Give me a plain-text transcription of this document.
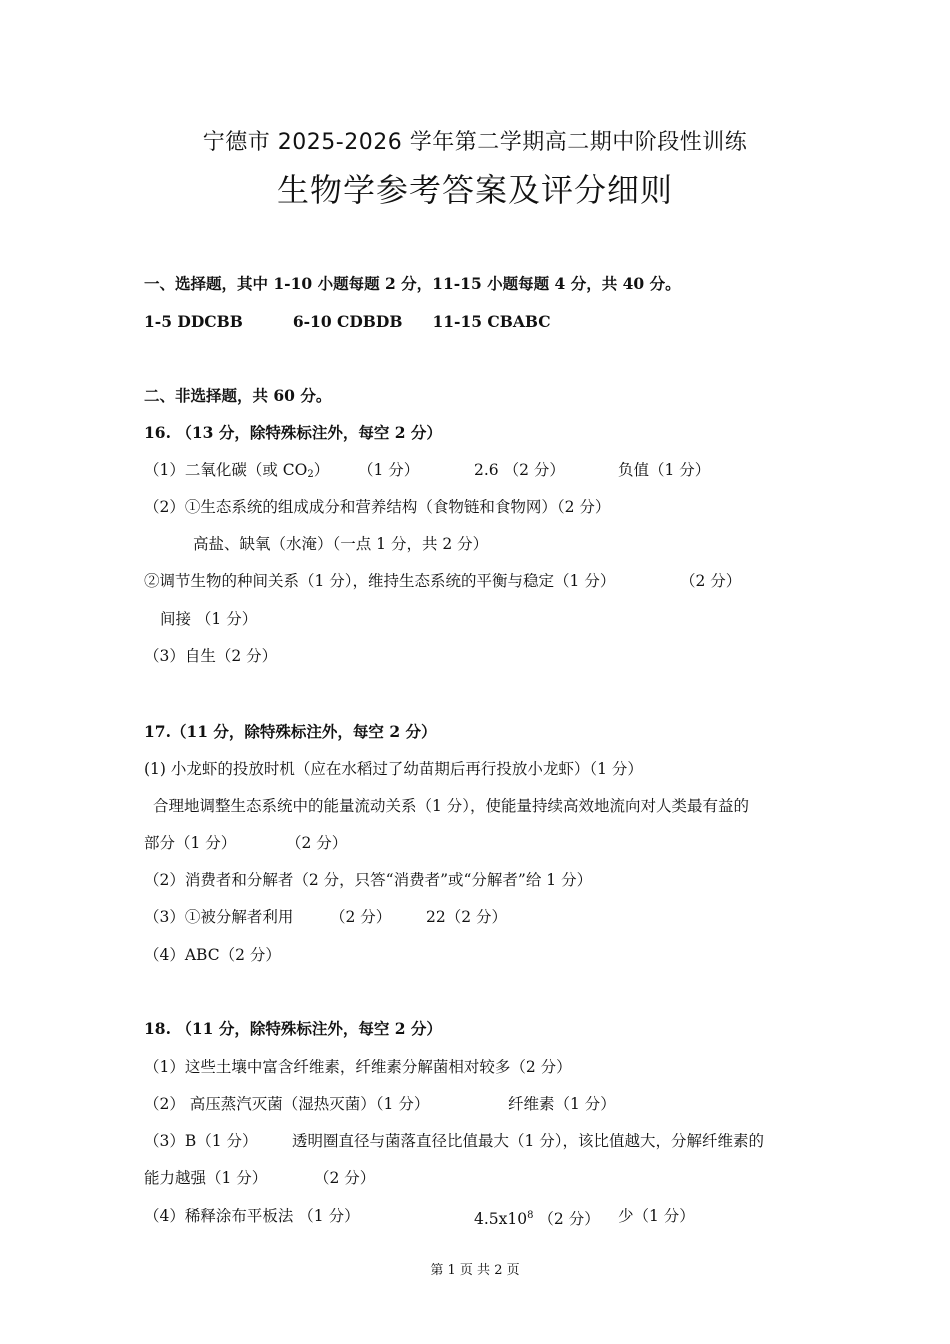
宁德市 2025-2026 学年第二学期高二期中阶段性训练
生物学参考答案及评分细则
一、选择题，其中 1-10 小题每题 2 分，11-15 小题每题 4 分，共 40 分。
1-5 DDCBB	6-10 CDBDB 11-15 CBABC
二、非选择题，共 60 分。
16. （13 分，除特殊标注外，每空 2 分）
（1）二氧化碳（或 $CO_2$） （1 分）	2.6 （2 分）	负值（1 分）
（2）①生态系统的组成成分和营养结构（食物链和食物网）（2 分）
高盐、缺氧（水淹）（一点 1 分，共 2 分）
②调节生物的种间关系（1 分），维持生态系统的平衡与稳定（1 分）	（2 分）
间接 （1 分）
（3）自生（2 分）
17.（11 分，除特殊标注外，每空 2 分）
(1) 小龙虾的投放时机（应在水稻过了幼苗期后再行投放小龙虾）（1 分）
合理地调整生态系统中的能量流动关系（1 分），使能量持续高效地流向对人类最有益的
部分（1 分）	（2 分）
（2）消费者和分解者（2 分，只答“消费者”或“分解者”给 1 分）
（3）①被分解者利用 （2 分） 22（2 分）
（4）ABC（2 分）
18. （11 分，除特殊标注外，每空 2 分）
（1）这些土壤中富含纤维素，纤维素分解菌相对较多（2 分）
（2） 高压蒸汽灭菌（湿热灭菌）（1 分）	纤维素（1 分）
（3）B（1 分） 透明圈直径与菌落直径比值最大（1 分），该比值越大，分解纤维素的
能力越强（1 分）	（2 分）
（4）稀释涂布平板法 （1 分）	$4.5x10^8$ （2 分） 少（1 分）
第 1 页 共 2 页
